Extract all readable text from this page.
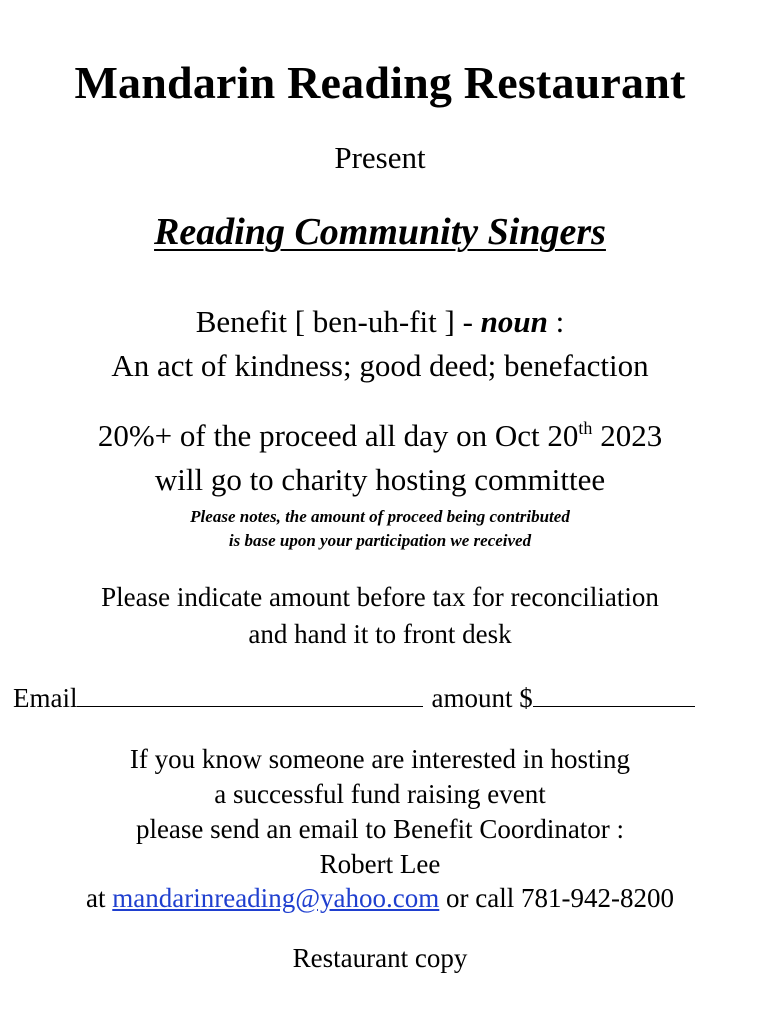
Mandarin Reading Restaurant
Present
Reading Community Singers
Benefit [ ben-uh-fit ] - noun :
An act of kindness; good deed; benefaction
20%+ of the proceed all day on Oct 20th 2023
will go to charity hosting committee
Please notes, the amount of proceed being contributed
is base upon your participation we received
Please indicate amount before tax for reconciliation
and hand it to front desk
Email	amount $
If you know someone are interested in hosting
a successful fund raising event
please send an email to Benefit Coordinator :
Robert Lee
at mandarinreading@yahoo.com or call 781-942-8200
Restaurant copy
